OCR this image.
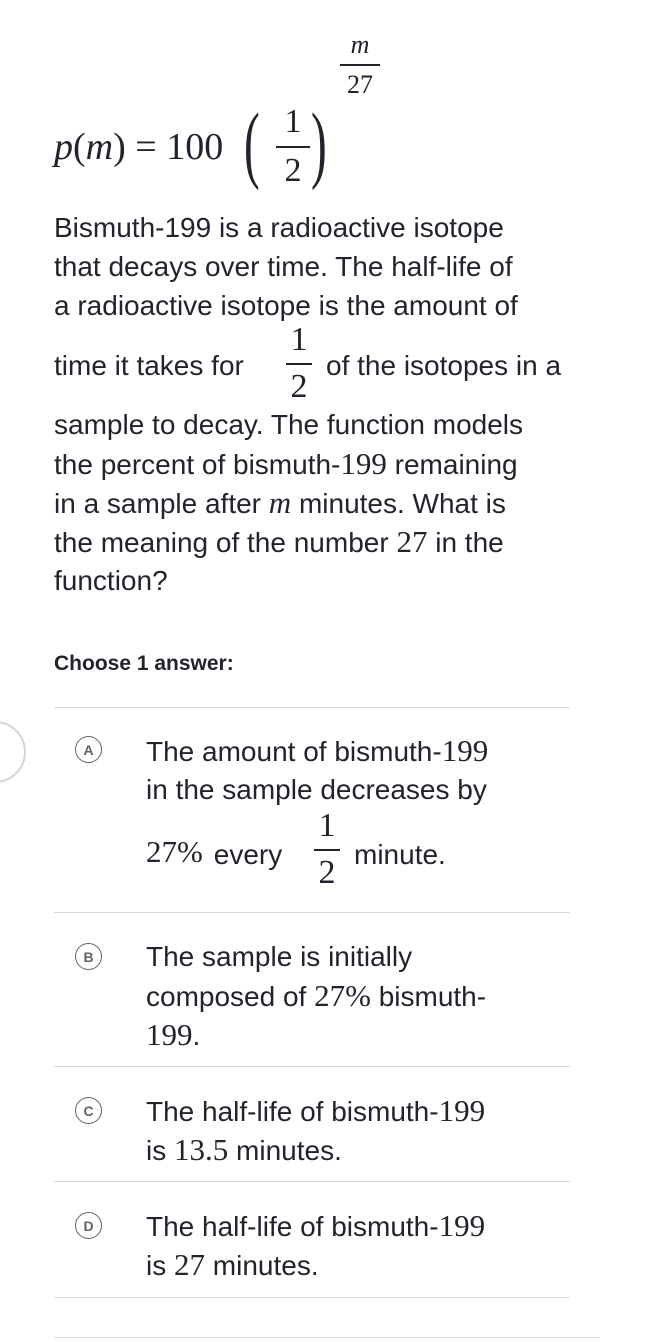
p(m) = 100 ( 1
2 )
m
27
Bismuth-199 is a radioactive isotope
that decays over time. The half-life of
a radioactive isotope is the amount of
time it takes for
1
2
of the isotopes in a
sample to decay. The function models
the percent of bismuth-199 remaining
in a sample after m minutes. What is
the meaning of the number 27 in the
function?
Choose 1 answer:
A	The amount of bismuth-199
in the sample decreases by
27% every
1
2 minute.
B	The sample is initially
composed of 27% bismuth-
199.
C	The half-life of bismuth-199
is 13.5 minutes.
D	The half-life of bismuth-199
is 27 minutes.
